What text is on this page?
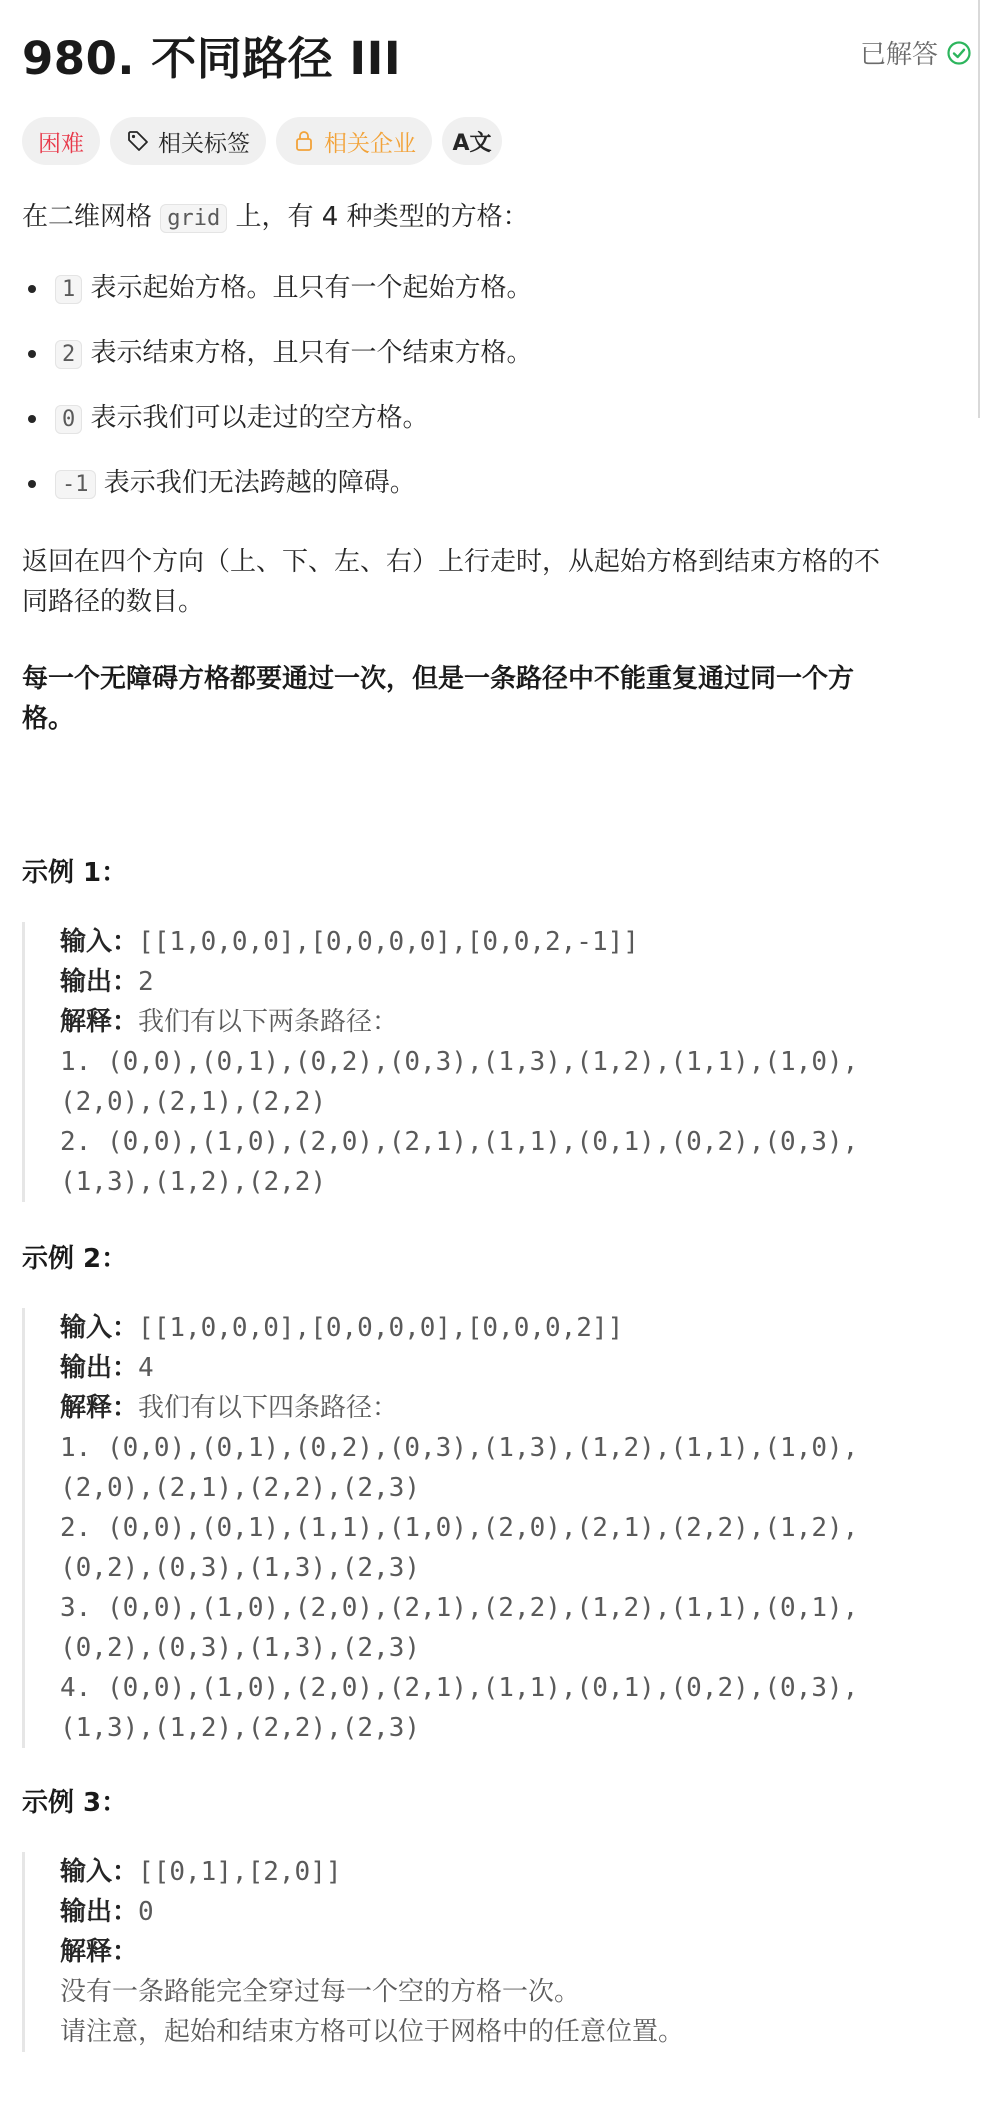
980. 不同路径 III	已解答
困难	相关标签	相关企业 A文
在二维网格 grid 上，有 4 种类型的方格：
1 表示起始方格。且只有一个起始方格。
2 表示结束方格，且只有一个结束方格。
0 表示我们可以走过的空方格。
-1 表示我们无法跨越的障碍。
返回在四个方向（上、下、左、右）上行走时，从起始方格到结束方格的不
同路径的数目。
每一个无障碍方格都要通过一次，但是一条路径中不能重复通过同一个方
格。
示例 1：
输入：[[1,0,0,0],[0,0,0,0],[0,0,2,-1]]
输出：2
解释：我们有以下两条路径：
1. (0,0),(0,1),(0,2),(0,3),(1,3),(1,2),(1,1),(1,0),
(2,0),(2,1),(2,2)
2. (0,0),(1,0),(2,0),(2,1),(1,1),(0,1),(0,2),(0,3),
(1,3),(1,2),(2,2)
示例 2：
输入：[[1,0,0,0],[0,0,0,0],[0,0,0,2]]
输出：4
解释：我们有以下四条路径：
1. (0,0),(0,1),(0,2),(0,3),(1,3),(1,2),(1,1),(1,0),
(2,0),(2,1),(2,2),(2,3)
2. (0,0),(0,1),(1,1),(1,0),(2,0),(2,1),(2,2),(1,2),
(0,2),(0,3),(1,3),(2,3)
3. (0,0),(1,0),(2,0),(2,1),(2,2),(1,2),(1,1),(0,1),
(0,2),(0,3),(1,3),(2,3)
4. (0,0),(1,0),(2,0),(2,1),(1,1),(0,1),(0,2),(0,3),
(1,3),(1,2),(2,2),(2,3)
示例 3：
输入：[[0,1],[2,0]]
输出：0
解释：
没有一条路能完全穿过每一个空的方格一次。
请注意，起始和结束方格可以位于网格中的任意位置。
